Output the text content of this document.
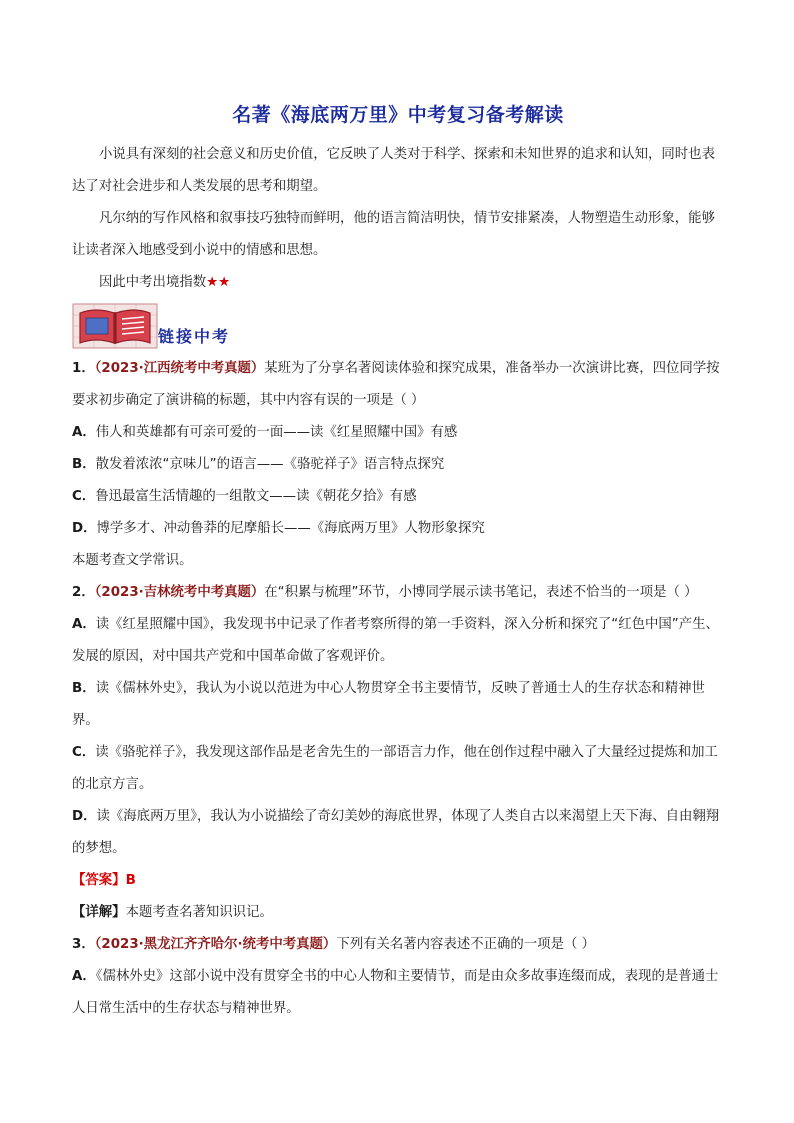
名著《海底两万里》中考复习备考解读

小说具有深刻的社会意义和历史价值，它反映了人类对于科学、探索和未知世界的追求和认知，同时也表达了对社会进步和人类发展的思考和期望。

凡尔纳的写作风格和叙事技巧独特而鲜明，他的语言简洁明快，情节安排紧凑，人物塑造生动形象，能够让读者深入地感受到小说中的情感和思想。

因此中考出境指数★★

链接中考

1．（2023·江西统考中考真题）某班为了分享名著阅读体验和探究成果，准备举办一次演讲比赛，四位同学按要求初步确定了演讲稿的标题，其中内容有误的一项是（ ）

A．伟人和英雄都有可亲可爱的一面——读《红星照耀中国》有感

B．散发着浓浓“京味儿”的语言——《骆驼祥子》语言特点探究

C．鲁迅最富生活情趣的一组散文——读《朝花夕拾》有感

D．博学多才、冲动鲁莽的尼摩船长——《海底两万里》人物形象探究

本题考查文学常识。

2．（2023·吉林统考中考真题）在“积累与梳理”环节，小博同学展示读书笔记，表述不恰当的一项是（ ）

A．读《红星照耀中国》，我发现书中记录了作者考察所得的第一手资料，深入分析和探究了“红色中国”产生、发展的原因，对中国共产党和中国革命做了客观评价。

B．读《儒林外史》，我认为小说以范进为中心人物贯穿全书主要情节，反映了普通士人的生存状态和精神世界。

C．读《骆驼祥子》，我发现这部作品是老舍先生的一部语言力作，他在创作过程中融入了大量经过提炼和加工的北京方言。

D．读《海底两万里》，我认为小说描绘了奇幻美妙的海底世界，体现了人类自古以来渴望上天下海、自由翱翔的梦想。

【答案】B

【详解】本题考查名著知识识记。

3．（2023·黑龙江齐齐哈尔·统考中考真题）下列有关名著内容表述不正确的一项是（ ）

A．《儒林外史》这部小说中没有贯穿全书的中心人物和主要情节，而是由众多故事连缀而成，表现的是普通士人日常生活中的生存状态与精神世界。
